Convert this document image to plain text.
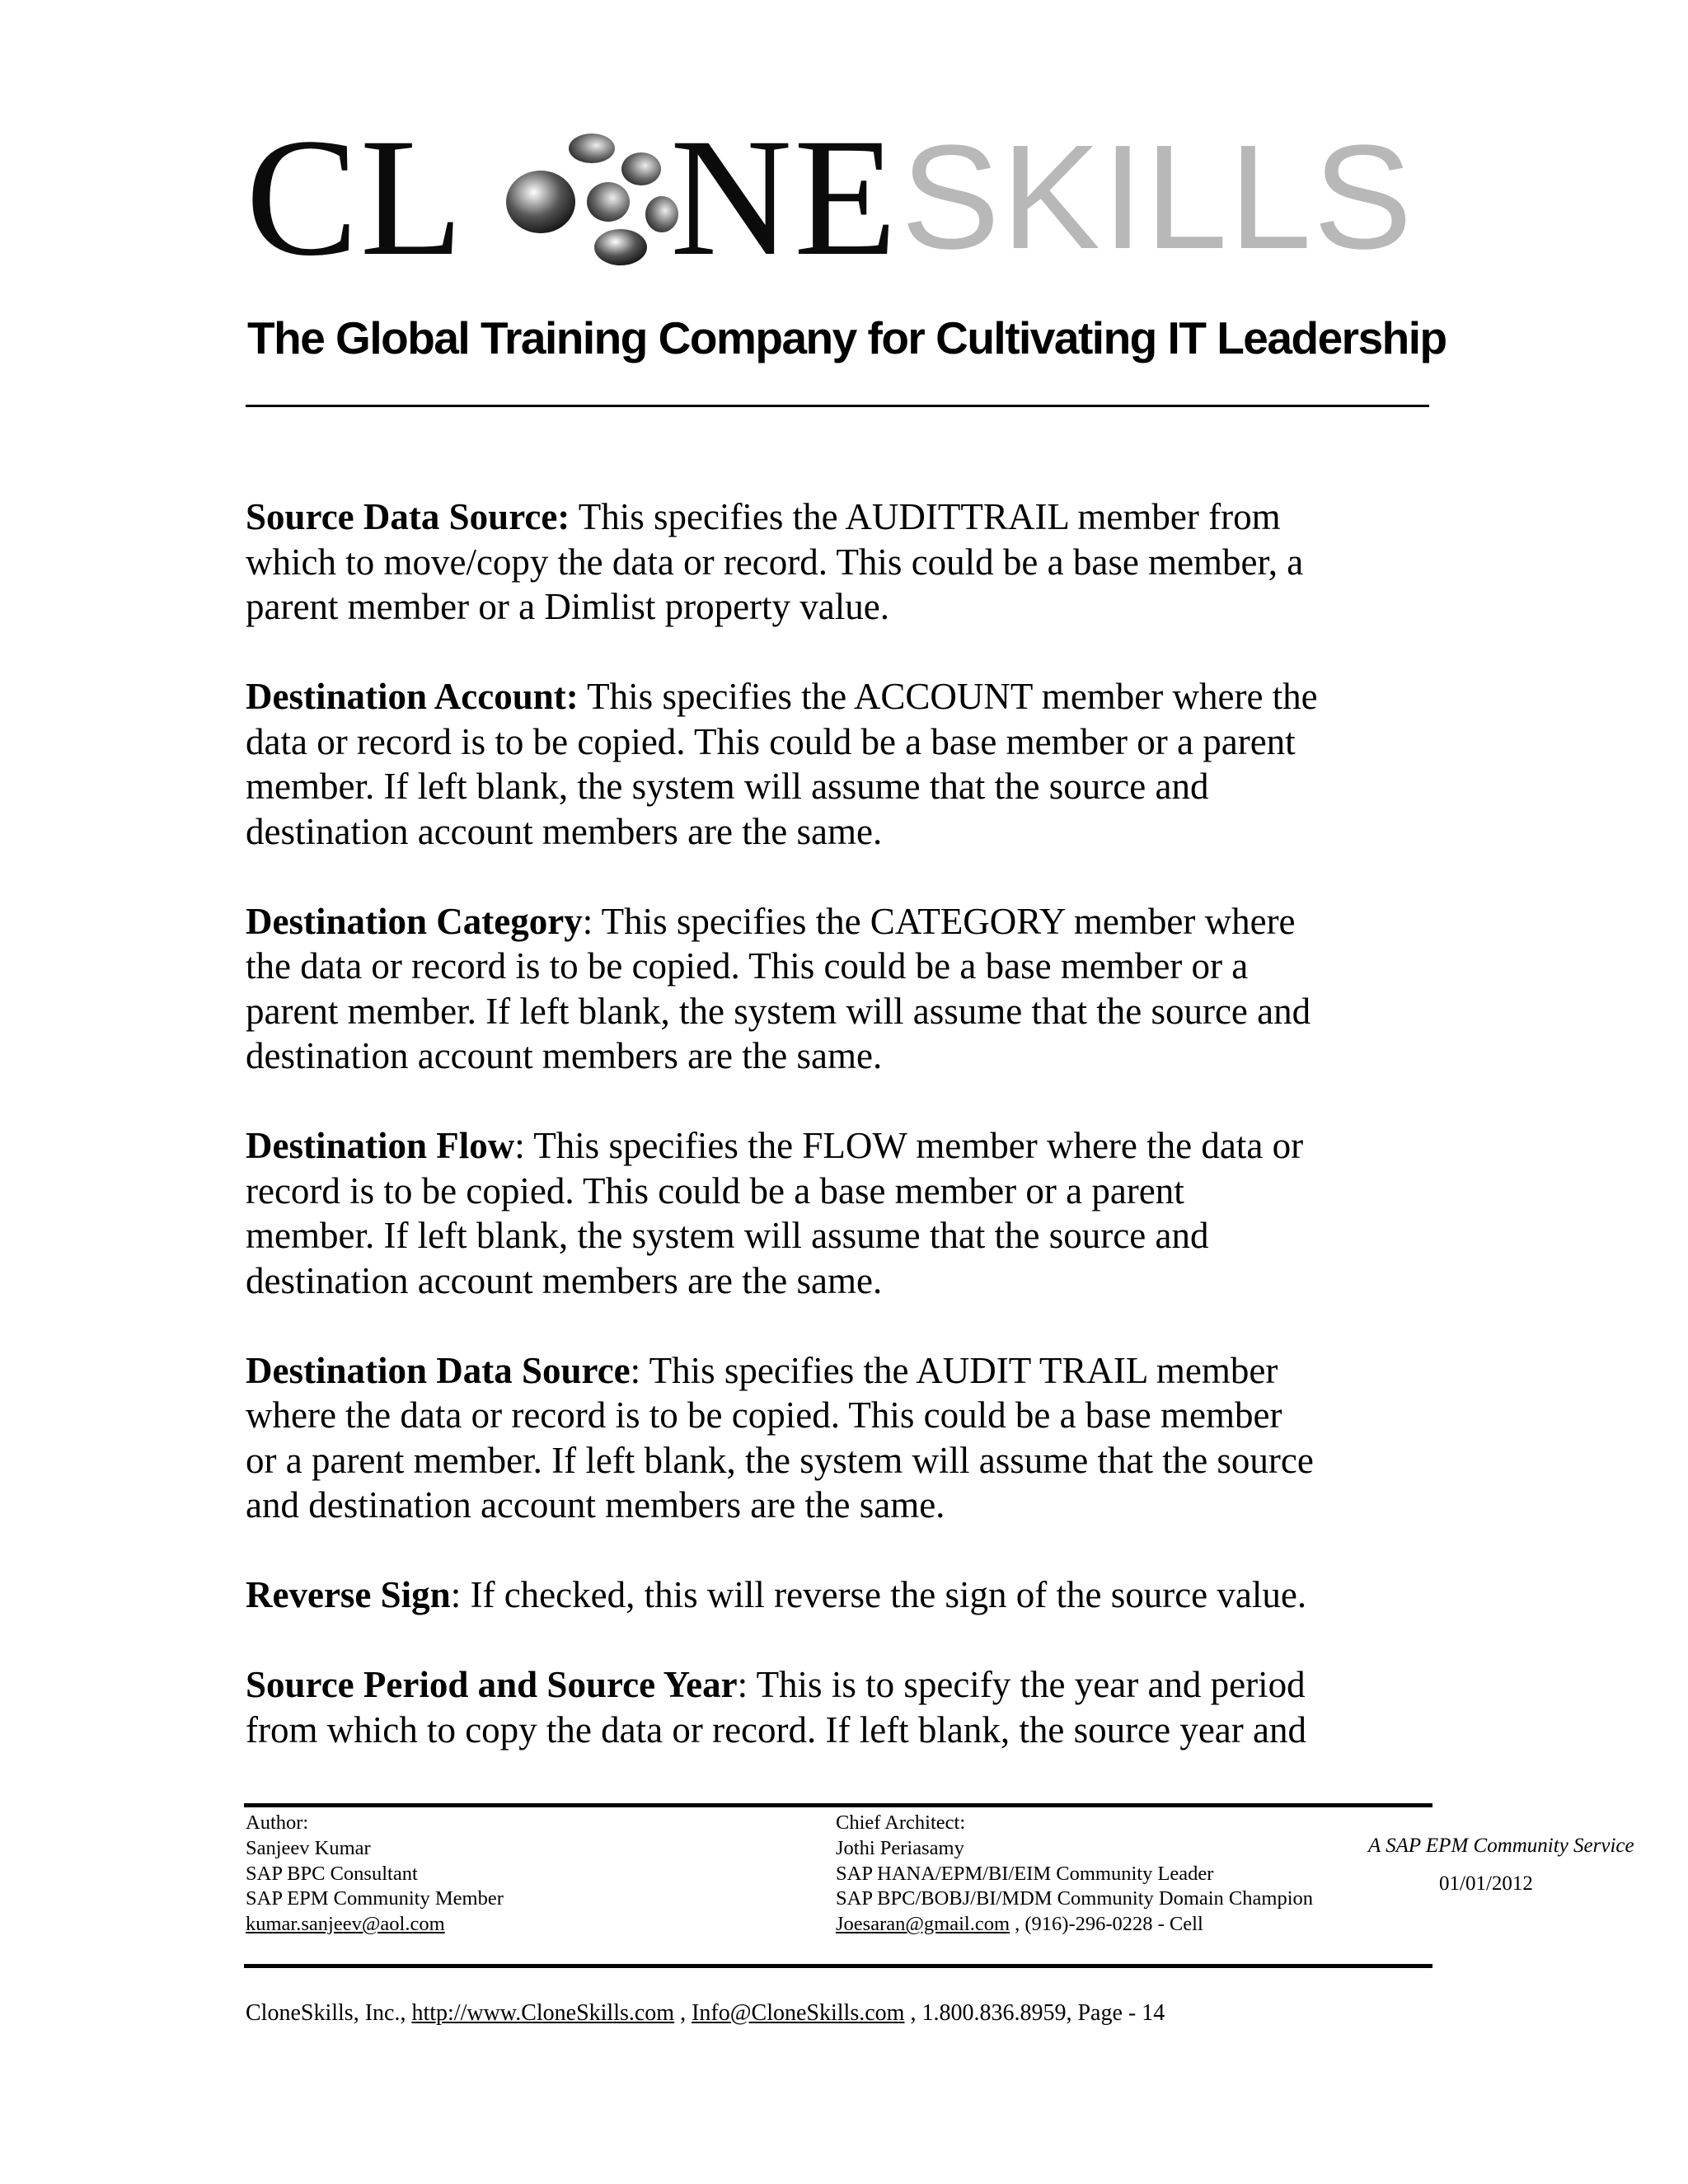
CL NE SKILLS
The Global Training Company for Cultivating IT Leadership

Source Data Source: This specifies the AUDITTRAIL member from
which to move/copy the data or record. This could be a base member, a
parent member or a Dimlist property value.

Destination Account: This specifies the ACCOUNT member where the
data or record is to be copied. This could be a base member or a parent
member. If left blank, the system will assume that the source and
destination account members are the same.

Destination Category: This specifies the CATEGORY member where
the data or record is to be copied. This could be a base member or a
parent member. If left blank, the system will assume that the source and
destination account members are the same.

Destination Flow: This specifies the FLOW member where the data or
record is to be copied. This could be a base member or a parent
member. If left blank, the system will assume that the source and
destination account members are the same.

Destination Data Source: This specifies the AUDIT TRAIL member
where the data or record is to be copied. This could be a base member
or a parent member. If left blank, the system will assume that the source
and destination account members are the same.

Reverse Sign: If checked, this will reverse the sign of the source value.

Source Period and Source Year: This is to specify the year and period
from which to copy the data or record. If left blank, the source year and

Author:
Sanjeev Kumar
SAP BPC Consultant
SAP EPM Community Member
kumar.sanjeev@aol.com
Chief Architect:
Jothi Periasamy
SAP HANA/EPM/BI/EIM Community Leader
SAP BPC/BOBJ/BI/MDM Community Domain Champion
Joesaran@gmail.com , (916)-296-0228 - Cell
A SAP EPM Community Service
01/01/2012
CloneSkills, Inc., http://www.CloneSkills.com , Info@CloneSkills.com , 1.800.836.8959, Page - 14
